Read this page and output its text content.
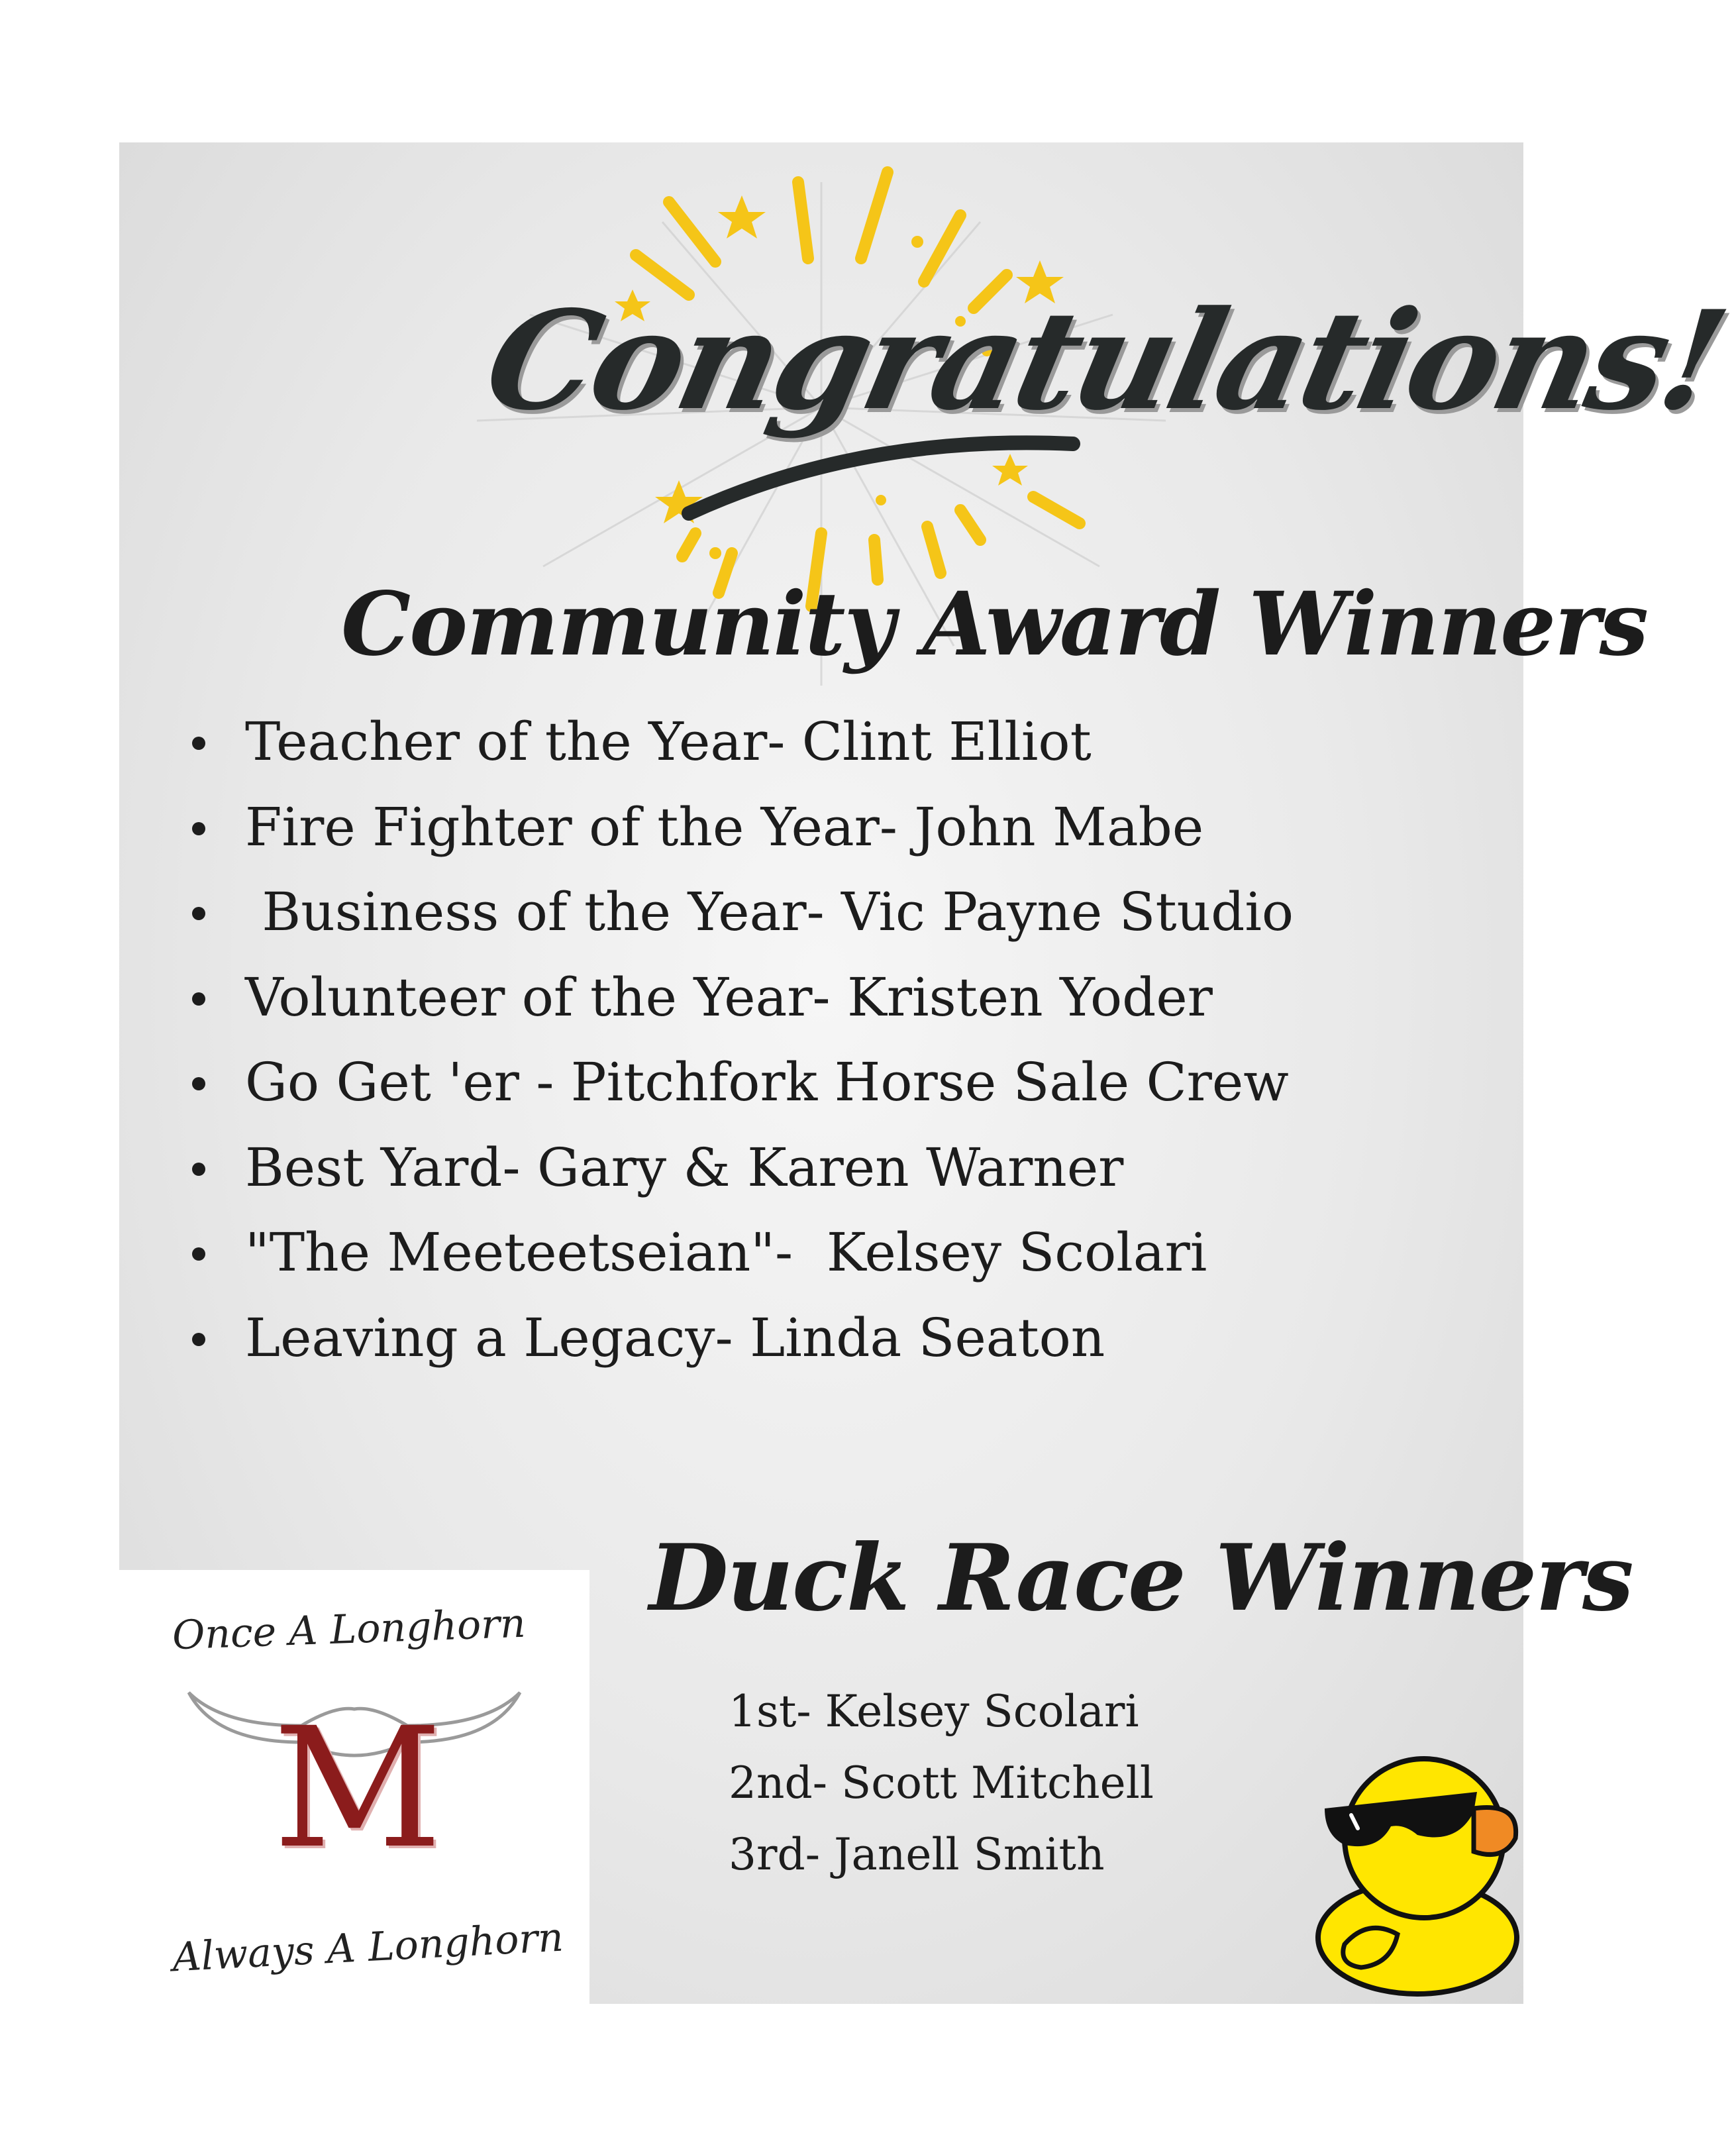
Congratulations!
Community Award Winners
Teacher of the Year- Clint Elliot
Fire Fighter of the Year- John Mabe
Business of the Year- Vic Payne Studio
Volunteer of the Year- Kristen Yoder
Go Get 'er - Pitchfork Horse Sale Crew
Best Yard- Gary & Karen Warner
"The Meeteetseian"-  Kelsey Scolari
Leaving a Legacy- Linda Seaton
Duck Race Winners
1st- Kelsey Scolari
2nd- Scott Mitchell
3rd- Janell Smith
Once A Longhorn
M
Always A Longhorn
